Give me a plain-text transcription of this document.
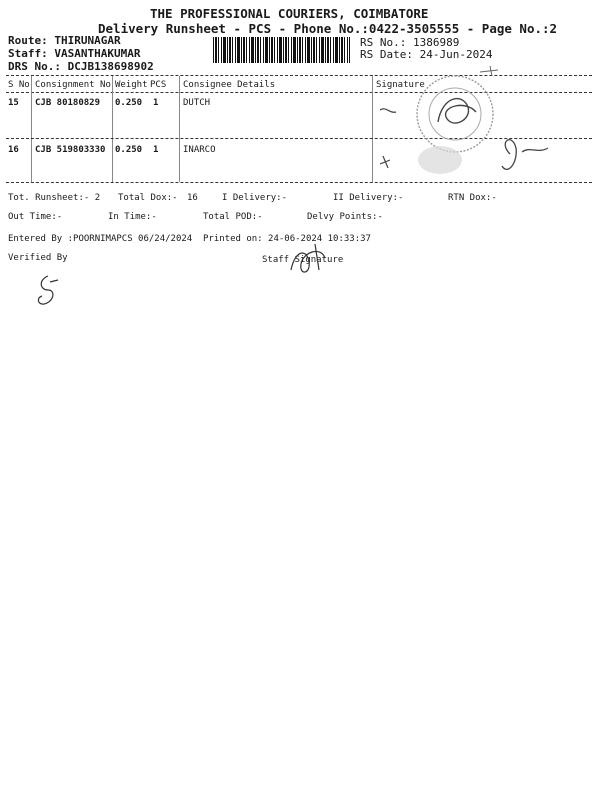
THE PROFESSIONAL COURIERS, COIMBATORE
Delivery Runsheet - PCS - Phone No.:0422-3505555 - Page No.:2
Route: THIRUNAGAR
Staff: VASANTHAKUMAR
DRS No.: DCJB138698902
RS No.: 1386989
RS Date: 24-Jun-2024
S No Consignment No Weight PCS Consignee Details	Signature
15 CJB 80180829 0.250 1	DUTCH
16 CJB 519803330 0.250 1	INARCO
Tot. Runsheet:- 2 Total Dox:- 16	I Delivery:-	II Delivery:-	RTN Dox:-
Out Time:-	In Time:-	Total POD:-	Delvy Points:-
Entered By :POORNIMAPCS 06/24/2024 Printed on: 24-06-2024 10:33:37
Verified By	Staff Signature
